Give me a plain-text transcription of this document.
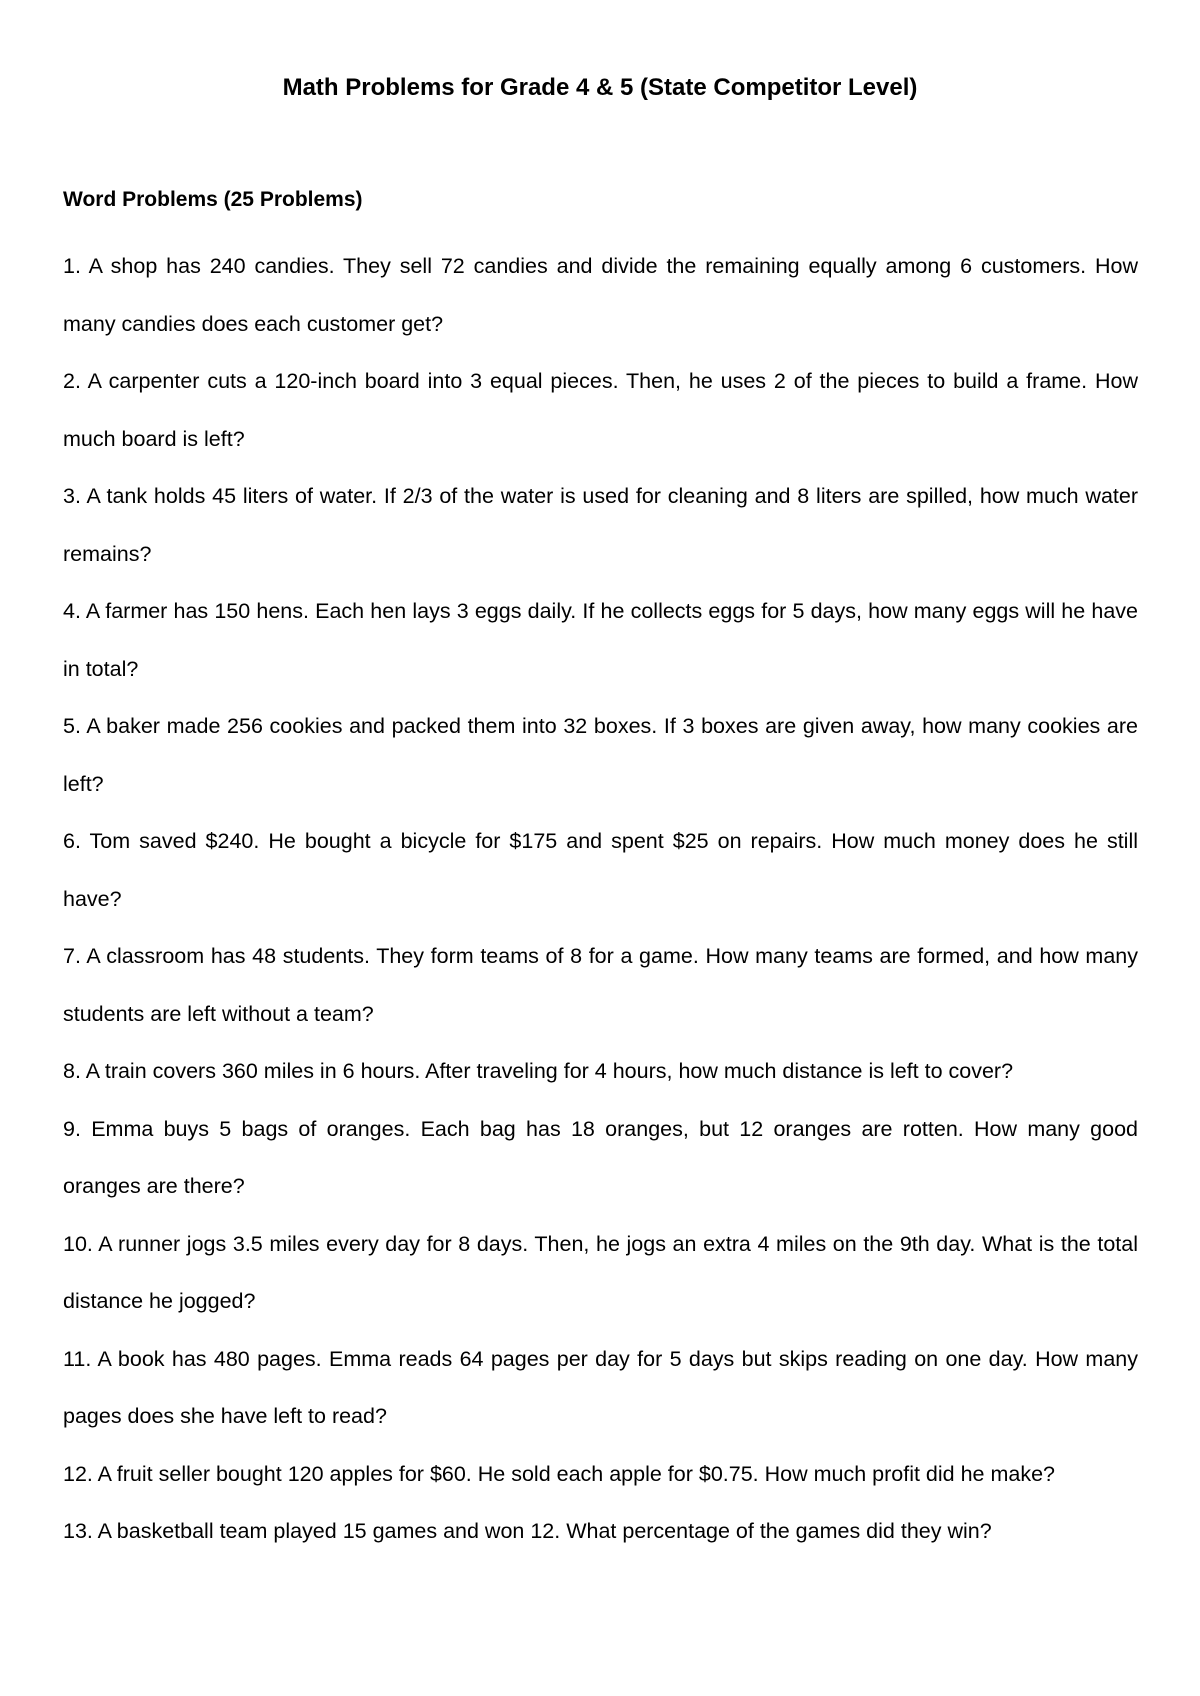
Math Problems for Grade 4 & 5 (State Competitor Level)
Word Problems (25 Problems)
1. A shop has 240 candies. They sell 72 candies and divide the remaining equally among 6 customers. How many candies does each customer get?
2. A carpenter cuts a 120-inch board into 3 equal pieces. Then, he uses 2 of the pieces to build a frame. How much board is left?
3. A tank holds 45 liters of water. If 2/3 of the water is used for cleaning and 8 liters are spilled, how much water remains?
4. A farmer has 150 hens. Each hen lays 3 eggs daily. If he collects eggs for 5 days, how many eggs will he have in total?
5. A baker made 256 cookies and packed them into 32 boxes. If 3 boxes are given away, how many cookies are left?
6. Tom saved $240. He bought a bicycle for $175 and spent $25 on repairs. How much money does he still have?
7. A classroom has 48 students. They form teams of 8 for a game. How many teams are formed, and how many students are left without a team?
8. A train covers 360 miles in 6 hours. After traveling for 4 hours, how much distance is left to cover?
9. Emma buys 5 bags of oranges. Each bag has 18 oranges, but 12 oranges are rotten. How many good oranges are there?
10. A runner jogs 3.5 miles every day for 8 days. Then, he jogs an extra 4 miles on the 9th day. What is the total distance he jogged?
11. A book has 480 pages. Emma reads 64 pages per day for 5 days but skips reading on one day. How many pages does she have left to read?
12. A fruit seller bought 120 apples for $60. He sold each apple for $0.75. How much profit did he make?
13. A basketball team played 15 games and won 12. What percentage of the games did they win?
